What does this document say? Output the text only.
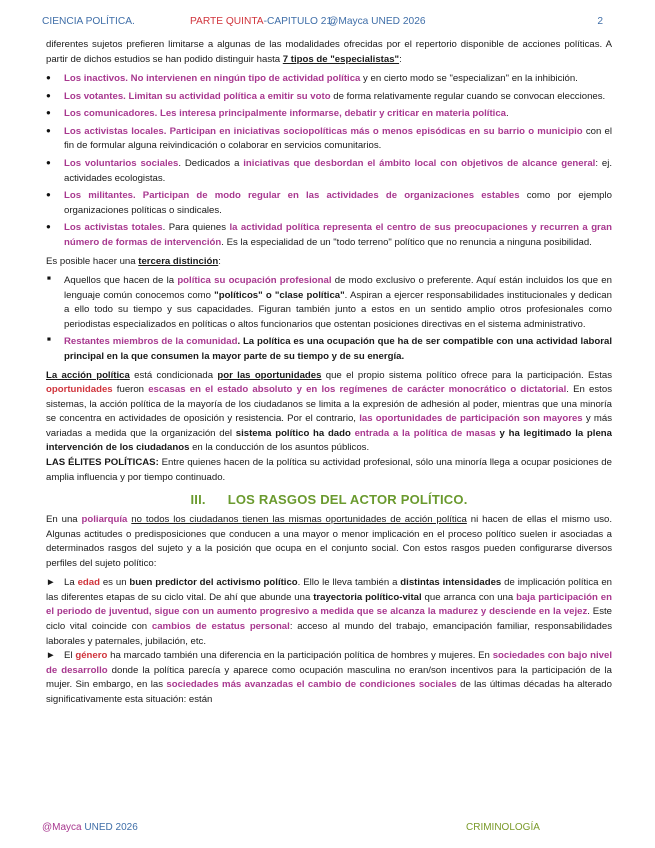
CIENCIA POLÍTICA.	PARTE QUINTA-CAPITULO 21.
@Mayca UNED 2026	2

diferentes sujetos prefieren limitarse a algunas de las modalidades ofrecidas por el repertorio disponible de acciones políticas. A partir de dichos estudios se han podido distinguir hasta 7 tipos de "especialistas":

● Los inactivos. No intervienen en ningún tipo de actividad política y en cierto modo se "especializan" en la inhibición.
● Los votantes. Limitan su actividad política a emitir su voto de forma relativamente regular cuando se convocan elecciones.
● Los comunicadores. Les interesa principalmente informarse, debatir y criticar en materia política.
● Los activistas locales. Participan en iniciativas sociopolíticas más o menos episódicas en su barrio o municipio con el fin de formular alguna reivindicación o colaborar en servicios comunitarios.
● Los voluntarios sociales. Dedicados a iniciativas que desbordan el ámbito local con objetivos de alcance general: ej. actividades ecologistas.
● Los militantes. Participan de modo regular en las actividades de organizaciones estables como por ejemplo organizaciones políticas o sindicales.
● Los activistas totales. Para quienes la actividad política representa el centro de sus preocupaciones y recurren a gran número de formas de intervención. Es la especialidad de un "todo terreno" político que no renuncia a ninguna posibilidad.

Es posible hacer una tercera distinción:

■ Aquellos que hacen de la política su ocupación profesional de modo exclusivo o preferente. Aquí están incluidos los que en lenguaje común conocemos como "políticos" o "clase política". Aspiran a ejercer responsabilidades institucionales y dedican a ello todo su tiempo y sus capacidades. Figuran también junto a estos en un sentido amplio otros profesionales como periodistas especializados en políticas o altos funcionarios que ostentan posiciones directivas en el sistema administrativo.
■ Restantes miembros de la comunidad. La política es una ocupación que ha de ser compatible con una actividad laboral principal en la que consumen la mayor parte de su tiempo y de su energía.

La acción política está condicionada por las oportunidades que el propio sistema político ofrece para la participación. Estas oportunidades fueron escasas en el estado absoluto y en los regímenes de carácter monocrático o dictatorial. En estos sistemas, la acción política de la mayoría de los ciudadanos se limita a la expresión de adhesión al poder, mientras que una minoría se concentra en actividades de oposición y resistencia. Por el contrario, las oportunidades de participación son mayores y más variadas a medida que la organización del sistema político ha dado entrada a la política de masas y ha legitimado la plena intervención de los ciudadanos en la conducción de los asuntos públicos.
LAS ÉLITES POLÍTICAS: Entre quienes hacen de la política su actividad profesional, sólo una minoría llega a ocupar posiciones de amplia influencia y por tiempo continuado.

III. LOS RASGOS DEL ACTOR POLÍTICO.

En una poliarquía no todos los ciudadanos tienen las mismas oportunidades de acción política ni hacen de ellas el mismo uso. Algunas actitudes o predisposiciones que conducen a una mayor o menor implicación en el proceso político suelen ir asociadas a determinados rasgos del sujeto y a la posición que ocupa en el conjunto social. Con estos rasgos pueden configurarse diversos perfiles del sujeto político:

► La edad es un buen predictor del activismo político. Ello le lleva también a distintas intensidades de implicación política en las diferentes etapas de su ciclo vital. De ahí que abunde una trayectoria político-vital que arranca con una baja participación en el periodo de juventud, sigue con un aumento progresivo a medida que se alcanza la madurez y desciende en la vejez. Este ciclo vital coincide con cambios de estatus personal: acceso al mundo del trabajo, emancipación familiar, responsabilidades laborales y paternales, jubilación, etc.
► El género ha marcado también una diferencia en la participación política de hombres y mujeres. En sociedades con bajo nivel de desarrollo donde la política parecía y aparece como ocupación masculina no eran/son incentivos para la participación de la mujer. Sin embargo, en las sociedades más avanzadas el cambio de condiciones sociales de las últimas décadas ha alterado significativamente esta situación: están

@Mayca UNED 2026	CRIMINOLOGÍA
